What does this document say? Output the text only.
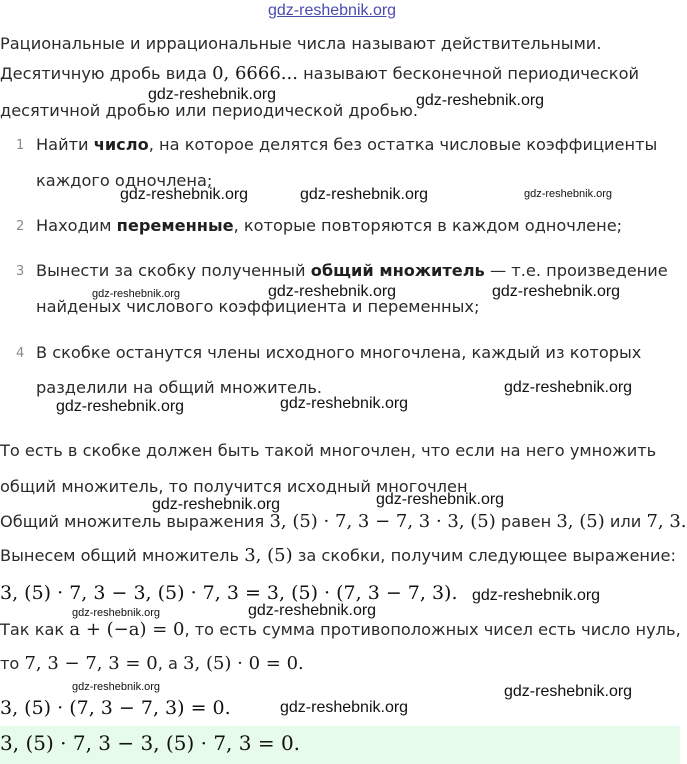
gdz-reshebnik.org
Рациональные и иррациональные числа называют действительными.
Десятичную дробь вида 0, 6666... называют бесконечной периодической
десятичной дробью или периодической дробью.
gdz-reshebnik.org	gdz-reshebnik.org
1 Найти число, на которое делятся без остатка числовые коэффициенты
каждого одночлена;
gdz-reshebnik.org	gdz-reshebnik.org	gdz-reshebnik.org
2 Находим переменные, которые повторяются в каждом одночлене;
3 Вынести за скобку полученный общий множитель — т.е. произведение
найденых числового коэффициента и переменных;
gdz-reshebnik.org	gdz-reshebnik.org	gdz-reshebnik.org
4 В скобке останутся члены исходного многочлена, каждый из которых
разделили на общий множитель.	gdz-reshebnik.org
gdz-reshebnik.org	gdz-reshebnik.org
То есть в скобке должен быть такой многочлен, что если на него умножить
общий множитель, то получится исходный многочлен
gdz-reshebnik.org	gdz-reshebnik.org
Общий множитель выражения 3, (5) · 7, 3 − 7, 3 · 3, (5) равен 3, (5) или 7, 3.
Вынесем общий множитель 3, (5) за скобки, получим следующее выражение:
3, (5) · 7, 3 − 3, (5) · 7, 3 = 3, (5) · (7, 3 − 7, 3). gdz-reshebnik.org
gdz-reshebnik.org	gdz-reshebnik.org
Так как a + (−a) = 0, то есть сумма противоположных чисел есть число нуль,
то 7, 3 − 7, 3 = 0, а 3, (5) · 0 = 0.
gdz-reshebnik.org	gdz-reshebnik.org
3, (5) · (7, 3 − 7, 3) = 0.	gdz-reshebnik.org
3, (5) · 7, 3 − 3, (5) · 7, 3 = 0.
